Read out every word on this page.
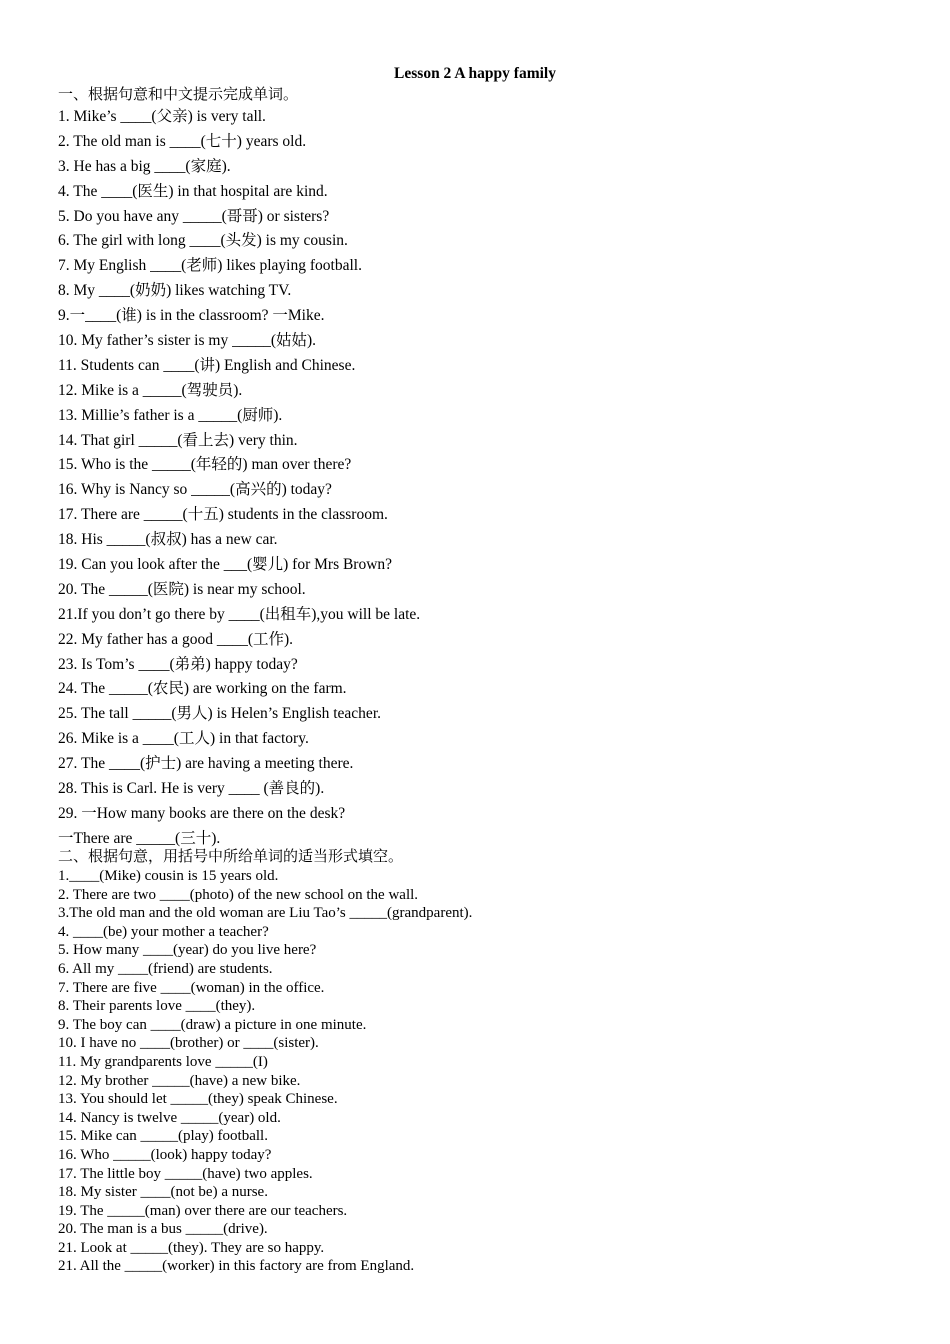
Lesson 2 A happy family
一、根据句意和中文提示完成单词。
1. Mike’s ____(父亲) is very tall.
2. The old man is ____(七十) years old.
3. He has a big ____(家庭).
4. The ____(医生) in that hospital are kind.
5. Do you have any _____(哥哥) or sisters?
6. The girl with long ____(头发) is my cousin.
7. My English ____(老师) likes playing football.
8. My ____(奶奶) likes watching TV.
9.一____(谁) is in the classroom? 一Mike.
10. My father’s sister is my _____(姑姑).
11. Students can ____(讲) English and Chinese.
12. Mike is a _____(驾驶员).
13. Millie’s father is a _____(厨师).
14. That girl _____(看上去) very thin.
15. Who is the _____(年轻的) man over there?
16. Why is Nancy so _____(高兴的) today?
17. There are _____(十五) students in the classroom.
18. His _____(叔叔) has a new car.
19. Can you look after the ___(婴儿) for Mrs Brown?
20. The _____(医院) is near my school.
21.If you don’t go there by ____(出租车),you will be late.
22. My father has a good ____(工作).
23. Is Tom’s ____(弟弟) happy today?
24. The _____(农民) are working on the farm.
25. The tall _____(男人) is Helen’s English teacher.
26. Mike is a ____(工人) in that factory.
27. The ____(护士) are having a meeting there.
28. This is Carl. He is very ____ (善良的).
29. 一How many books are there on the desk?
一There are _____(三十).
二、根据句意，用括号中所给单词的适当形式填空。
1.____(Mike) cousin is 15 years old.
2. There are two ____(photo) of the new school on the wall.
3.The old man and the old woman are Liu Tao’s _____(grandparent).
4. ____(be) your mother a teacher?
5. How many ____(year) do you live here?
6. All my ____(friend) are students.
7. There are five ____(woman) in the office.
8. Their parents love ____(they).
9. The boy can ____(draw) a picture in one minute.
10. I have no ____(brother) or ____(sister).
11. My grandparents love _____(I)
12. My brother _____(have) a new bike.
13. You should let _____(they) speak Chinese.
14. Nancy is twelve _____(year) old.
15. Mike can _____(play) football.
16. Who _____(look) happy today?
17. The little boy _____(have) two apples.
18. My sister ____(not be) a nurse.
19. The _____(man) over there are our teachers.
20. The man is a bus _____(drive).
21. Look at _____(they). They are so happy.
21. All the _____(worker) in this factory are from England.
